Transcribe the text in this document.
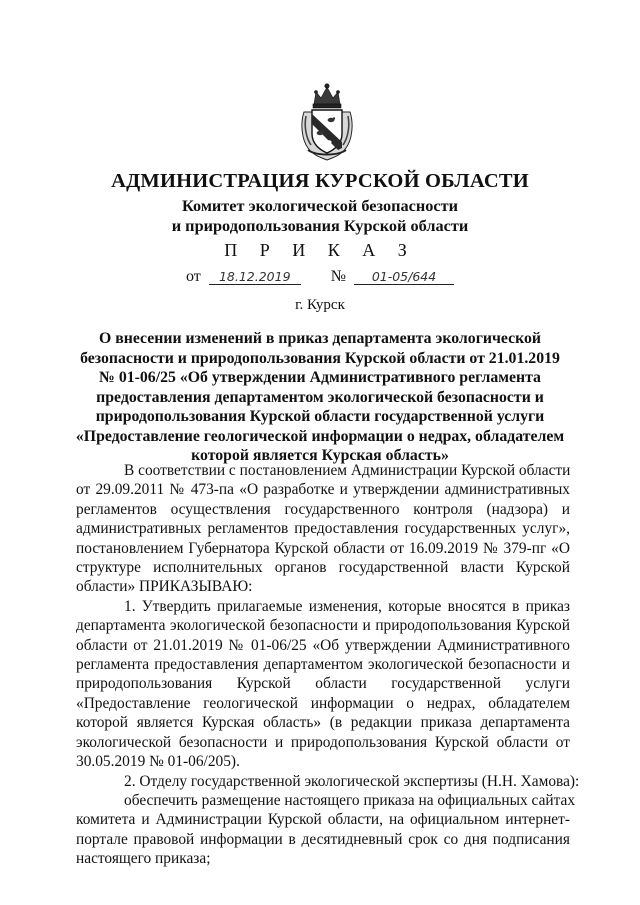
АДМИНИСТРАЦИЯ КУРСКОЙ ОБЛАСТИ
Комитет экологической безопасности
и природопользования Курской области
П Р И К А З
от 18.12.2019	№ 01-05/644
г. Курск
О внесении изменений в приказ департамента экологической
безопасности и природопользования Курской области от 21.01.2019
№ 01-06/25 «Об утверждении Административного регламента
предоставления департаментом экологической безопасности и
природопользования Курской области государственной услуги
«Предоставление геологической информации о недрах, обладателем
которой является Курская область»
В соответствии с постановлением Администрации Курской области
от 29.09.2011 № 473-па «О разработке и утверждении административных
регламентов осуществления государственного контроля (надзора) и
административных регламентов предоставления государственных услуг»,
постановлением Губернатора Курской области от 16.09.2019 № 379-пг «О
структуре исполнительных органов государственной власти Курской
области» ПРИКАЗЫВАЮ:
1. Утвердить прилагаемые изменения, которые вносятся в приказ
департамента экологической безопасности и природопользования Курской
области от 21.01.2019 № 01-06/25 «Об утверждении Административного
регламента предоставления департаментом экологической безопасности и
природопользования Курской области государственной услуги
«Предоставление геологической информации о недрах, обладателем
которой является Курская область» (в редакции приказа департамента
экологической безопасности и природопользования Курской области от
30.05.2019 № 01-06/205).
2. Отделу государственной экологической экспертизы (Н.Н. Хамова):
обеспечить размещение настоящего приказа на официальных сайтах
комитета и Администрации Курской области, на официальном интернет-
портале правовой информации в десятидневный срок со дня подписания
настоящего приказа;
